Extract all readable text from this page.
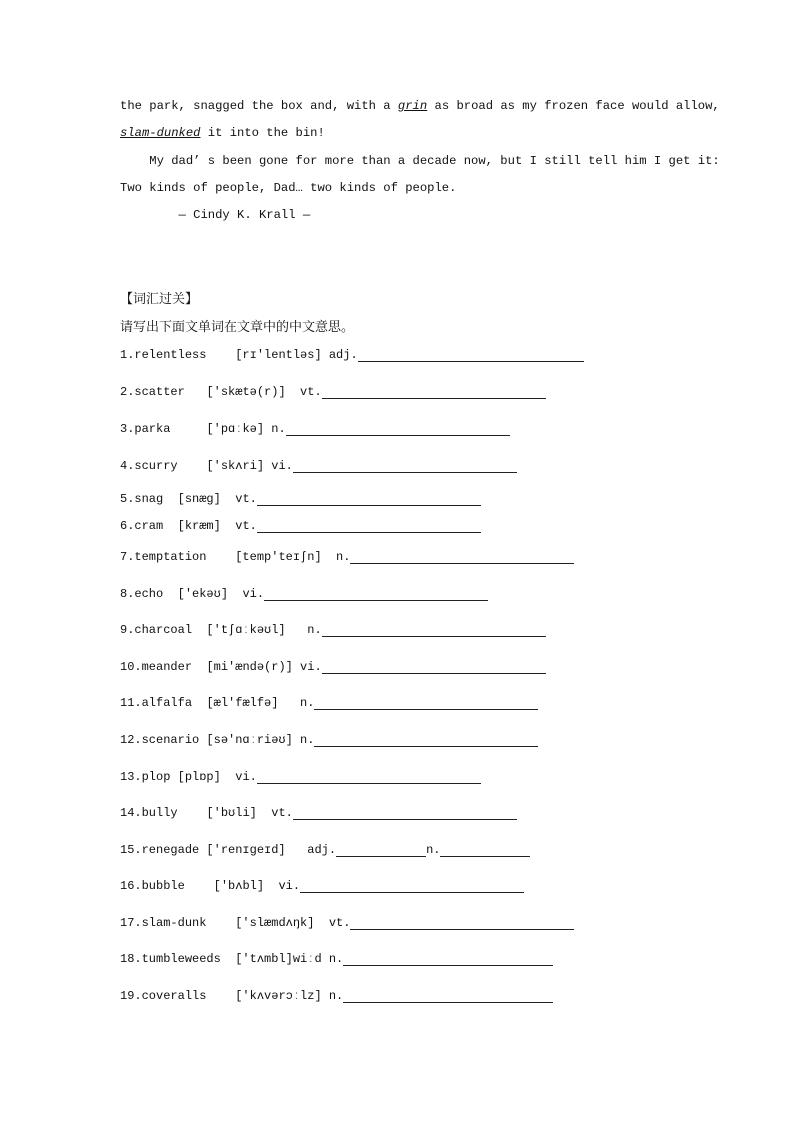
the park, snagged the box and, with a grin as broad as my frozen face would allow,
slam-dunked it into the bin!
My dad’ s been gone for more than a decade now, but I still tell him I get it:
Two kinds of people, Dad… two kinds of people.
— Cindy K. Krall —
【词汇过关】
请写出下面文单词在文章中的中文意思。
1. relentless
[rɪ'lentləs] adj.
2. scatter
['skætə(r)] vt.
3. parka
	['pɑːkə] n.
4. scurry
['skʌri] vi.
5. snag
[snæg] vt.
6. cram
[kræm] vt.
7. temptation
[temp'teɪʃn] n.
8. echo
['ekəʊ] vi.
9. charcoal
['tʃɑːkəʊl] n.
10. meander
[mi'ændə(r)] vi.
11. alfalfa
[æl'fælfə] n.
12. scenario
[sə'nɑːriəʊ] n.
13. plop
[plɒp] vi.
14. bully
['bʊli] vt.
15. renegade
['renɪgeɪd] adj.	n.
16. bubble
['bʌbl] vi.
17. slam-dunk
['slæmdʌŋk] vt.
18. tumbleweeds
['tʌmbl]wiːd n.
19. coveralls
['kʌvərɔːlz] n.
